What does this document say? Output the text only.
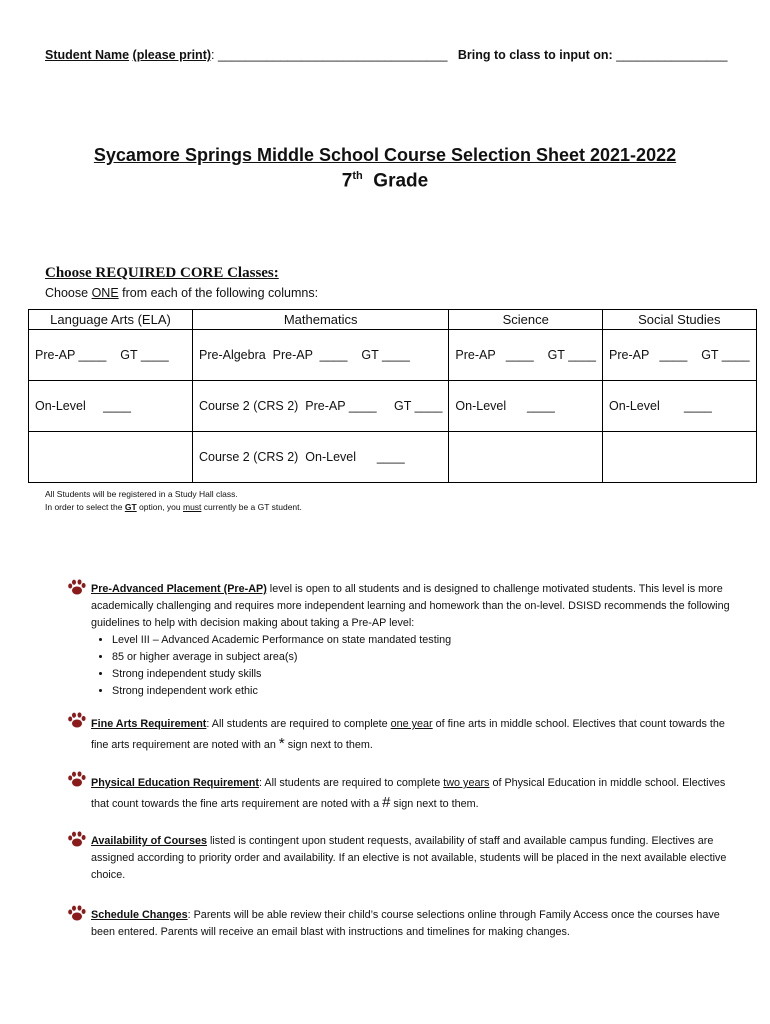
Student Name (please print): _________________________________ Bring to class to input on: ________________
Sycamore Springs Middle School Course Selection Sheet 2021-2022
7th Grade
Choose REQUIRED CORE Classes:
Choose ONE from each of the following columns:
Language Arts (ELA)	Mathematics	Science	Social Studies
Pre-AP ____    GT ____	Pre-Algebra  Pre-AP  ____    GT ____	Pre-AP   ____    GT ____	Pre-AP   ____    GT ____
On-Level     ____	Course 2 (CRS 2)  Pre-AP ____     GT ____	On-Level      ____	On-Level       ____
	Course 2 (CRS 2)  On-Level      ____		
All Students will be registered in a Study Hall class.
In order to select the GT option, you must currently be a GT student.
Pre-Advanced Placement (Pre-AP) level is open to all students and is designed to challenge motivated students. This level is more academically challenging and requires more independent learning and homework than the on-level. DSISD recommends the following guidelines to help with decision making about taking a Pre-AP level:
• Level III – Advanced Academic Performance on state mandated testing
• 85 or higher average in subject area(s)
• Strong independent study skills
• Strong independent work ethic
Fine Arts Requirement: All students are required to complete one year of fine arts in middle school. Electives that count towards the fine arts requirement are noted with an * sign next to them.
Physical Education Requirement: All students are required to complete two years of Physical Education in middle school. Electives that count towards the fine arts requirement are noted with a # sign next to them.
Availability of Courses listed is contingent upon student requests, availability of staff and available campus funding. Electives are assigned according to priority order and availability. If an elective is not available, students will be placed in the next available elective choice.
Schedule Changes: Parents will be able review their child’s course selections online through Family Access once the courses have been entered. Parents will receive an email blast with instructions and timelines for making changes.
